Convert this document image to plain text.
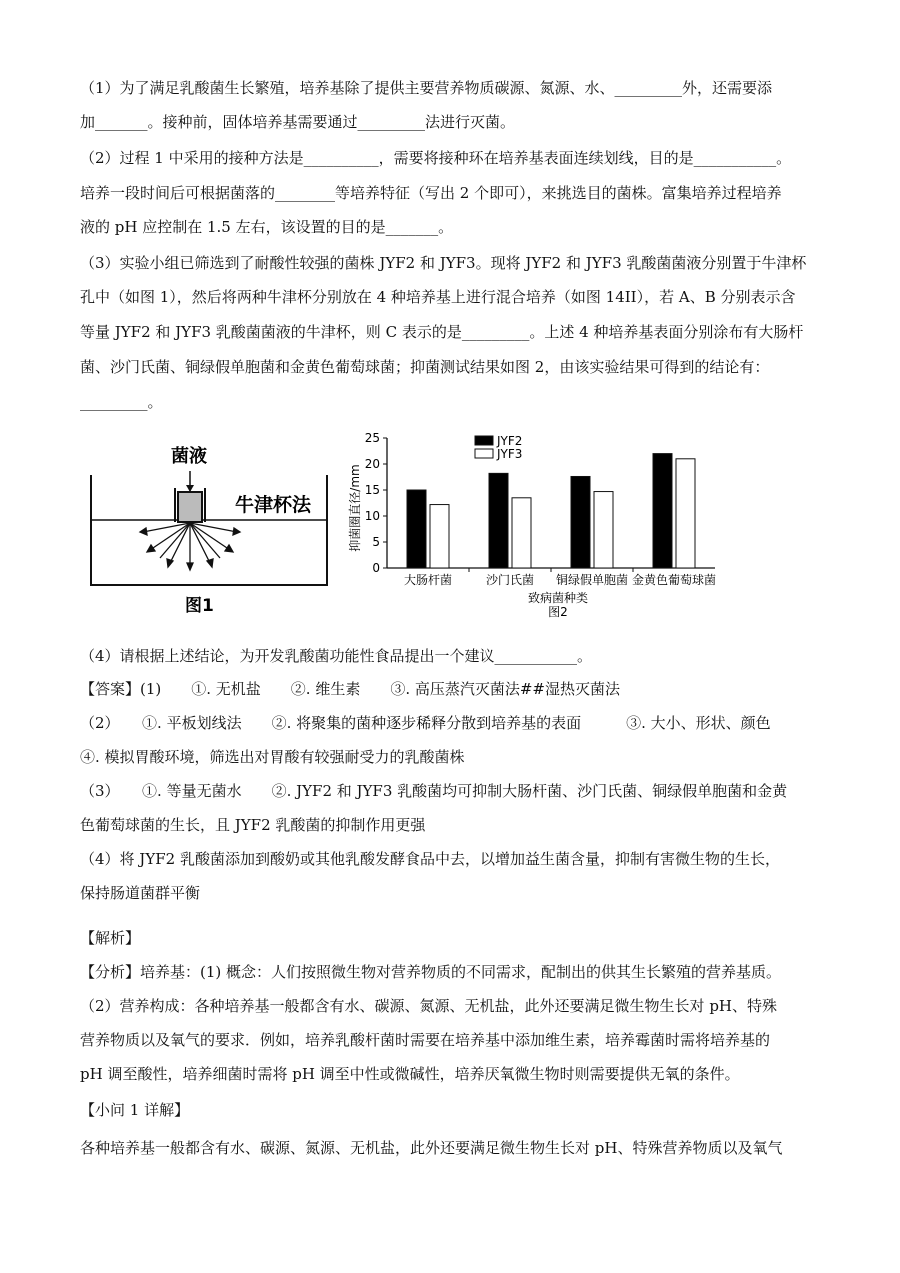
（1）为了满足乳酸菌生长繁殖，培养基除了提供主要营养物质碳源、氮源、水、_________外，还需要添
加_______。接种前，固体培养基需要通过_________法进行灭菌。
（2）过程 1 中采用的接种方法是__________，需要将接种环在培养基表面连续划线，目的是___________。
培养一段时间后可根据菌落的________等培养特征（写出 2 个即可），来挑选目的菌株。富集培养过程培养
液的 pH 应控制在 1.5 左右，该设置的目的是_______。
（3）实验小组已筛选到了耐酸性较强的菌株 JYF2 和 JYF3。现将 JYF2 和 JYF3 乳酸菌菌液分别置于牛津杯
孔中（如图 1），然后将两种牛津杯分别放在 4 种培养基上进行混合培养（如图 14II），若 A、B 分别表示含
等量 JYF2 和 JYF3 乳酸菌菌液的牛津杯，则 C 表示的是_________。上述 4 种培养基表面分别涂布有大肠杆
菌、沙门氏菌、铜绿假单胞菌和金黄色葡萄球菌；抑菌测试结果如图 2，由该实验结果可得到的结论有：
_________。
菌液
牛津杯法
图1
0
5
10
15
20
25
大肠杆菌	沙门氏菌 铜绿假单胞菌 金黄色葡萄球菌
JYF2
JYF3
抑菌圈直径/mm
致病菌种类
图2
（4）请根据上述结论，为开发乳酸菌功能性食品提出一个建议___________。
【答案】(1)　　①. 无机盐　　②. 维生素　　③. 高压蒸汽灭菌法##湿热灭菌法
（2）　　①. 平板划线法　　②. 将聚集的菌种逐步稀释分散到培养基的表面　　　③. 大小、形状、颜色
④. 模拟胃酸环境，筛选出对胃酸有较强耐受力的乳酸菌株
（3）　　①. 等量无菌水　　②. JYF2 和 JYF3 乳酸菌均可抑制大肠杆菌、沙门氏菌、铜绿假单胞菌和金黄
色葡萄球菌的生长，且 JYF2 乳酸菌的抑制作用更强
（4）将 JYF2 乳酸菌添加到酸奶或其他乳酸发酵食品中去，以增加益生菌含量，抑制有害微生物的生长，
保持肠道菌群平衡
【解析】
【分析】培养基：(1) 概念：人们按照微生物对营养物质的不同需求，配制出的供其生长繁殖的营养基质。
（2）营养构成：各种培养基一般都含有水、碳源、氮源、无机盐，此外还要满足微生物生长对 pH、特殊
营养物质以及氧气的要求．例如，培养乳酸杆菌时需要在培养基中添加维生素，培养霉菌时需将培养基的
pH 调至酸性，培养细菌时需将 pH 调至中性或微碱性，培养厌氧微生物时则需要提供无氧的条件。
【小问 1 详解】
各种培养基一般都含有水、碳源、氮源、无机盐，此外还要满足微生物生长对 pH、特殊营养物质以及氧气
